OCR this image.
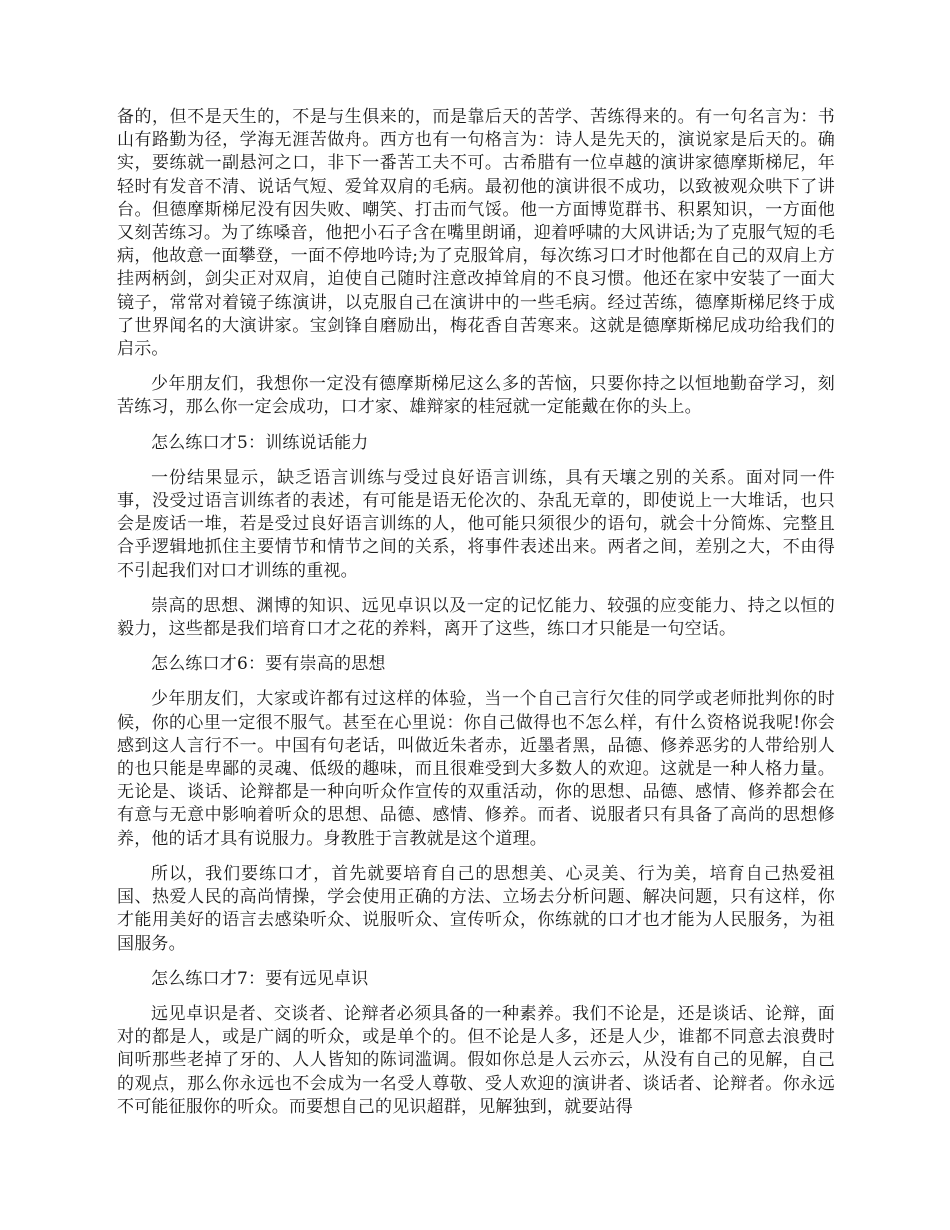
备的，但不是天生的，不是与生俱来的，而是靠后天的苦学、苦练得来的。有一句名言为：书山有路勤为径，学海无涯苦做舟。西方也有一句格言为：诗人是先天的，演说家是后天的。确实，要练就一副悬河之口，非下一番苦工夫不可。古希腊有一位卓越的演讲家德摩斯梯尼，年轻时有发音不清、说话气短、爱耸双肩的毛病。最初他的演讲很不成功，以致被观众哄下了讲台。但德摩斯梯尼没有因失败、嘲笑、打击而气馁。他一方面博览群书、积累知识，一方面他又刻苦练习。为了练嗓音，他把小石子含在嘴里朗诵，迎着呼啸的大风讲话;为了克服气短的毛病，他故意一面攀登，一面不停地吟诗;为了克服耸肩，每次练习口才时他都在自己的双肩上方挂两柄剑，剑尖正对双肩，迫使自己随时注意改掉耸肩的不良习惯。他还在家中安装了一面大镜子，常常对着镜子练演讲，以克服自己在演讲中的一些毛病。经过苦练，德摩斯梯尼终于成了世界闻名的大演讲家。宝剑锋自磨励出，梅花香自苦寒来。这就是德摩斯梯尼成功给我们的启示。

少年朋友们，我想你一定没有德摩斯梯尼这么多的苦恼，只要你持之以恒地勤奋学习，刻苦练习，那么你一定会成功，口才家、雄辩家的桂冠就一定能戴在你的头上。

怎么练口才5：训练说话能力

一份结果显示，缺乏语言训练与受过良好语言训练，具有天壤之别的关系。面对同一件事，没受过语言训练者的表述，有可能是语无伦次的、杂乱无章的，即使说上一大堆话，也只会是废话一堆，若是受过良好语言训练的人，他可能只须很少的语句，就会十分简炼、完整且合乎逻辑地抓住主要情节和情节之间的关系，将事件表述出来。两者之间，差别之大，不由得不引起我们对口才训练的重视。

崇高的思想、渊博的知识、远见卓识以及一定的记忆能力、较强的应变能力、持之以恒的毅力，这些都是我们培育口才之花的养料，离开了这些，练口才只能是一句空话。

怎么练口才6：要有崇高的思想

少年朋友们，大家或许都有过这样的体验，当一个自己言行欠佳的同学或老师批判你的时候，你的心里一定很不服气。甚至在心里说：你自己做得也不怎么样，有什么资格说我呢!你会感到这人言行不一。中国有句老话，叫做近朱者赤，近墨者黑，品德、修养恶劣的人带给别人的也只能是卑鄙的灵魂、低级的趣味，而且很难受到大多数人的欢迎。这就是一种人格力量。无论是、谈话、论辩都是一种向听众作宣传的双重活动，你的思想、品德、感情、修养都会在有意与无意中影响着听众的思想、品德、感情、修养。而者、说服者只有具备了高尚的思想修养，他的话才具有说服力。身教胜于言教就是这个道理。

所以，我们要练口才，首先就要培育自己的思想美、心灵美、行为美，培育自己热爱祖国、热爱人民的高尚情操，学会使用正确的方法、立场去分析问题、解决问题，只有这样，你才能用美好的语言去感染听众、说服听众、宣传听众，你练就的口才也才能为人民服务，为祖国服务。

怎么练口才7：要有远见卓识

远见卓识是者、交谈者、论辩者必须具备的一种素养。我们不论是，还是谈话、论辩，面对的都是人，或是广阔的听众，或是单个的。但不论是人多，还是人少，谁都不同意去浪费时间听那些老掉了牙的、人人皆知的陈词滥调。假如你总是人云亦云，从没有自己的见解，自己的观点，那么你永远也不会成为一名受人尊敬、受人欢迎的演讲者、谈话者、论辩者。你永远不可能征服你的听众。而要想自己的见识超群，见解独到，就要站得
